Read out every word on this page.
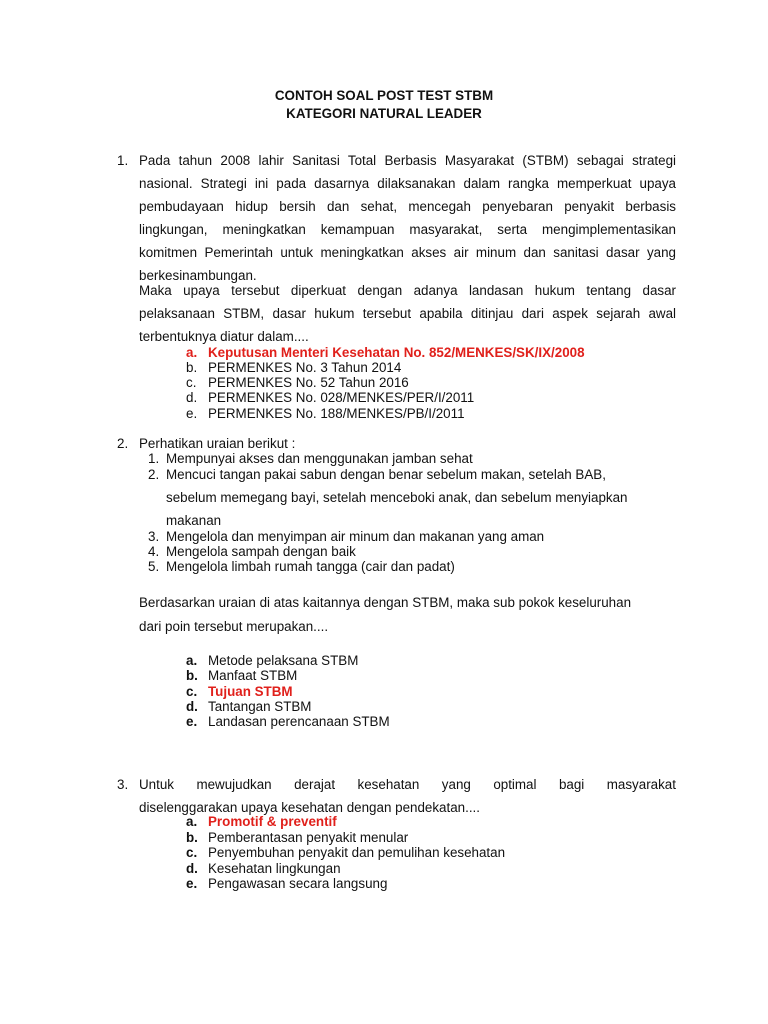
CONTOH SOAL POST TEST STBM
KATEGORI NATURAL LEADER
1. Pada tahun 2008 lahir Sanitasi Total Berbasis Masyarakat (STBM) sebagai strategi
nasional. Strategi ini pada dasarnya dilaksanakan dalam rangka memperkuat upaya
pembudayaan hidup bersih dan sehat, mencegah penyebaran penyakit berbasis
lingkungan, meningkatkan kemampuan masyarakat, serta mengimplementasikan
komitmen Pemerintah untuk meningkatkan akses air minum dan sanitasi dasar yang
berkesinambungan.
Maka upaya tersebut diperkuat dengan adanya landasan hukum tentang dasar
pelaksanaan STBM, dasar hukum tersebut apabila ditinjau dari aspek sejarah awal
terbentuknya diatur dalam....
a. Keputusan Menteri Kesehatan No. 852/MENKES/SK/IX/2008
b. PERMENKES No. 3 Tahun 2014
c. PERMENKES No. 52 Tahun 2016
d. PERMENKES No. 028/MENKES/PER/I/2011
e. PERMENKES No. 188/MENKES/PB/I/2011
2. Perhatikan uraian berikut :
1. Mempunyai akses dan menggunakan jamban sehat
2. Mencuci tangan pakai sabun dengan benar sebelum makan, setelah BAB,
sebelum memegang bayi, setelah menceboki anak, dan sebelum menyiapkan
makanan
3. Mengelola dan menyimpan air minum dan makanan yang aman
4. Mengelola sampah dengan baik
5. Mengelola limbah rumah tangga (cair dan padat)
Berdasarkan uraian di atas kaitannya dengan STBM, maka sub pokok keseluruhan
dari poin tersebut merupakan....
a. Metode pelaksana STBM
b. Manfaat STBM
c. Tujuan STBM
d. Tantangan STBM
e. Landasan perencanaan STBM
3. Untuk mewujudkan derajat kesehatan yang optimal bagi masyarakat
diselenggarakan upaya kesehatan dengan pendekatan....
a. Promotif & preventif
b. Pemberantasan penyakit menular
c. Penyembuhan penyakit dan pemulihan kesehatan
d. Kesehatan lingkungan
e. Pengawasan secara langsung
